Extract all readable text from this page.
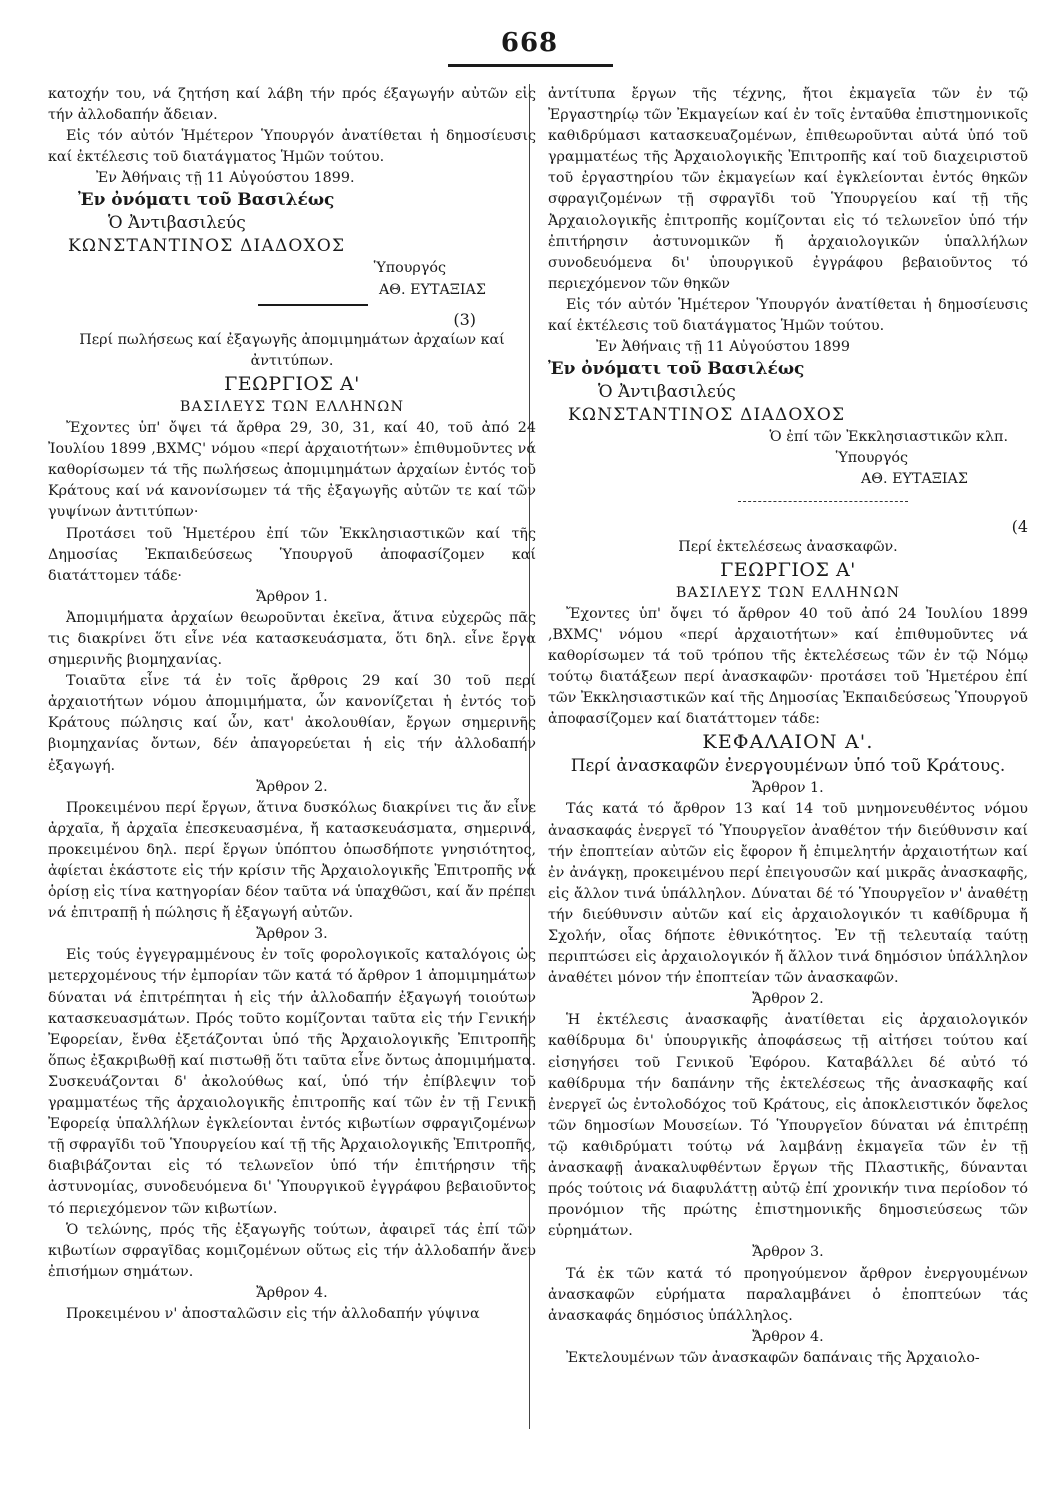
668

κατοχήν του, νά ζητήση καί λάβη τήν πρός έξαγωγήν αὐτῶν εἰς τήν ἀλλοδαπήν ἄδειαν.

Εἰς τόν αὐτόν Ἡμέτερον Ὑπουργόν ἀνατίθεται ἡ δημοσίευσις καί ἐκτέλεσις τοῦ διατάγματος Ἡμῶν τούτου.

Ἐν Ἀθήναις τῇ 11 Αὐγούστου 1899.

Ἐν ὀνόματι τοῦ Βασιλέως

Ὁ Ἀντιβασιλεύς

ΚΩΝΣΤΑΝΤΙΝΟΣ ΔΙΑΔΟΧΟΣ

Ὑπουργός

ΑΘ. ΕΥΤΑΞΙΑΣ

(3)

Περί πωλήσεως καί ἐξαγωγῆς ἀπομιμημάτων ἀρχαίων καί ἀντιτύπων.

ΓΕΩΡΓΙΟΣ Α'

ΒΑΣΙΛΕΥΣ ΤΩΝ ΕΛΛΗΝΩΝ

Ἔχοντες ὑπ' ὄψει τά ἄρθρα 29, 30, 31, καί 40, τοῦ ἀπό 24 Ἰουλίου 1899 ,ΒΧΜϚ' νόμου «περί ἀρχαιοτήτων» ἐπιθυμοῦντες νά καθορίσωμεν τά τῆς πωλήσεως ἀπομιμημάτων ἀρχαίων ἐντός τοῦ Κράτους καί νά κανονίσωμεν τά τῆς ἐξαγωγῆς αὐτῶν τε καί τῶν γυψίνων ἀντιτύπων·

Προτάσει τοῦ Ἡμετέρου ἐπί τῶν Ἐκκλησιαστικῶν καί τῆς Δημοσίας Ἐκπαιδεύσεως Ὑπουργοῦ ἀποφασίζομεν καί διατάττομεν τάδε·

Ἄρθρον 1.

Ἀπομιμήματα ἀρχαίων θεωροῦνται ἐκεῖνα, ἅτινα εὐχερῶς πᾶς τις διακρίνει ὅτι εἶνε νέα κατασκευάσματα, ὅτι δηλ. εἶνε ἔργα σημερινῆς βιομηχανίας.

Τοιαῦτα εἶνε τά ἐν τοῖς ἄρθροις 29 καί 30 τοῦ περί ἀρχαιοτήτων νόμου ἀπομιμήματα, ὧν κανονίζεται ἡ ἐντός τοῦ Κράτους πώλησις καί ὧν, κατ' ἀκολουθίαν, ἔργων σημερινῆς βιομηχανίας ὄντων, δέν ἀπαγορεύεται ἡ εἰς τήν ἀλλοδαπήν ἐξαγωγή.

Ἄρθρον 2.

Προκειμένου περί ἔργων, ἅτινα δυσκόλως διακρίνει τις ἄν εἶνε ἀρχαῖα, ἤ ἀρχαῖα ἐπεσκευασμένα, ἤ κατασκευάσματα, σημερινά, προκειμένου δηλ. περί ἔργων ὑπόπτου ὁπωσδήποτε γνησιότητος, ἀφίεται ἑκάστοτε εἰς τήν κρίσιν τῆς Ἀρχαιολογικῆς Ἐπιτροπῆς νά ὁρίσῃ εἰς τίνα κατηγορίαν δέον ταῦτα νά ὑπαχθῶσι, καί ἄν πρέπει νά ἐπιτραπῇ ἡ πώλησις ἤ ἐξαγωγή αὐτῶν.

Ἄρθρον 3.

Εἰς τούς ἐγγεγραμμένους ἐν τοῖς φορολογικοῖς καταλόγοις ὡς μετερχομένους τήν ἐμπορίαν τῶν κατά τό ἄρθρον 1 ἀπομιμημάτων δύναται νά ἐπιτρέπηται ἡ εἰς τήν ἀλλοδαπήν ἐξαγωγή τοιούτων κατασκευασμάτων. Πρός τοῦτο κομίζονται ταῦτα εἰς τήν Γενικήν Ἐφορείαν, ἔνθα ἐξετάζονται ὑπό τῆς Ἀρχαιολογικῆς Ἐπιτροπῆς ὅπως ἐξακριβωθῇ καί πιστωθῇ ὅτι ταῦτα εἶνε ὄντως ἀπομιμήματα. Συσκευάζονται δ' ἀκολούθως καί, ὑπό τήν ἐπίβλεψιν τοῦ γραμματέως τῆς ἀρχαιολογικῆς ἐπιτροπῆς καί τῶν ἐν τῇ Γενικῇ Ἐφορείᾳ ὑπαλλήλων ἐγκλείονται ἐντός κιβωτίων σφραγιζομένων τῇ σφραγῖδι τοῦ Ὑπουργείου καί τῇ τῆς Ἀρχαιολογικῆς Ἐπιτροπῆς, διαβιβάζονται εἰς τό τελωνεῖον ὑπό τήν ἐπιτήρησιν τῆς ἀστυνομίας, συνοδευόμενα δι' Ὑπουργικοῦ ἐγγράφου βεβαιοῦντος τό περιεχόμενον τῶν κιβωτίων.

Ὁ τελώνης, πρός τῆς ἐξαγωγῆς τούτων, ἀφαιρεῖ τάς ἐπί τῶν κιβωτίων σφραγῖδας κομιζομένων οὕτως εἰς τήν ἀλλοδαπήν ἄνευ ἐπισήμων σημάτων.

Ἄρθρον 4.

Προκειμένου ν' ἀποσταλῶσιν εἰς τήν ἀλλοδαπήν γύψινα

ἀντίτυπα ἔργων τῆς τέχνης, ἤτοι ἐκμαγεῖα τῶν ἐν τῷ Ἐργαστηρίῳ τῶν Ἐκμαγείων καί ἐν τοῖς ἐνταῦθα ἐπιστημονικοῖς καθιδρύμασι κατασκευαζομένων, ἐπιθεωροῦνται αὐτά ὑπό τοῦ γραμματέως τῆς Ἀρχαιολογικῆς Ἐπιτροπῆς καί τοῦ διαχειριστοῦ τοῦ ἐργαστηρίου τῶν ἐκμαγείων καί ἐγκλείονται ἐντός θηκῶν σφραγιζομένων τῇ σφραγῖδι τοῦ Ὑπουργείου καί τῇ τῆς Ἀρχαιολογικῆς ἐπιτροπῆς κομίζονται εἰς τό τελωνεῖον ὑπό τήν ἐπιτήρησιν ἀστυνομικῶν ἤ ἀρχαιολογικῶν ὑπαλλήλων συνοδευόμενα δι' ὑπουργικοῦ ἐγγράφου βεβαιοῦντος τό περιεχόμενον τῶν θηκῶν

Εἰς τόν αὐτόν Ἡμέτερον Ὑπουργόν ἀνατίθεται ἡ δημοσίευσις καί ἐκτέλεσις τοῦ διατάγματος Ἡμῶν τούτου.

Ἐν Ἀθήναις τῇ 11 Αὐγούστου 1899

Ἐν ὀνόματι τοῦ Βασιλέως

Ὁ Ἀντιβασιλεύς

ΚΩΝΣΤΑΝΤΙΝΟΣ ΔΙΑΔΟΧΟΣ

Ὁ ἐπί τῶν Ἐκκλησιαστικῶν κλπ.

Ὑπουργός

ΑΘ. ΕΥΤΑΞΙΑΣ

(4

Περί ἐκτελέσεως ἀνασκαφῶν.

ΓΕΩΡΓΙΟΣ Α'

ΒΑΣΙΛΕΥΣ ΤΩΝ ΕΛΛΗΝΩΝ

Ἔχοντες ὑπ' ὄψει τό ἄρθρον 40 τοῦ ἀπό 24 Ἰουλίου 1899 ,ΒΧΜϚ' νόμου «περί ἀρχαιοτήτων» καί ἐπιθυμοῦντες νά καθορίσωμεν τά τοῦ τρόπου τῆς ἐκτελέσεως τῶν ἐν τῷ Νόμῳ τούτῳ διατάξεων περί ἀνασκαφῶν· προτάσει τοῦ Ἡμετέρου ἐπί τῶν Ἐκκλησιαστικῶν καί τῆς Δημοσίας Ἐκπαιδεύσεως Ὑπουργοῦ ἀποφασίζομεν καί διατάττομεν τάδε:

ΚΕΦΑΛΑΙΟΝ Α'.

Περί ἀνασκαφῶν ἐνεργουμένων ὑπό τοῦ Κράτους.

Ἄρθρον 1.

Τάς κατά τό ἄρθρον 13 καί 14 τοῦ μνημονευθέντος νόμου ἀνασκαφάς ἐνεργεῖ τό Ὑπουργεῖον ἀναθέτον τήν διεύθυνσιν καί τήν ἐποπτείαν αὐτῶν εἰς ἔφορον ἤ ἐπιμελητήν ἀρχαιοτήτων καί ἐν ἀνάγκῃ, προκειμένου περί ἐπειγουσῶν καί μικρᾶς ἀνασκαφῆς, εἰς ἄλλον τινά ὑπάλληλον. Δύναται δέ τό Ὑπουργεῖον ν' ἀναθέτῃ τήν διεύθυνσιν αὐτῶν καί εἰς ἀρχαιολογικόν τι καθίδρυμα ἤ Σχολήν, οἷας δήποτε ἐθνικότητος. Ἐν τῇ τελευταίᾳ ταύτῃ περιπτώσει εἰς ἀρχαιολογικόν ἤ ἄλλον τινά δημόσιον ὑπάλληλον ἀναθέτει μόνον τήν ἐποπτείαν τῶν ἀνασκαφῶν.

Ἄρθρον 2.

Ἡ ἐκτέλεσις ἀνασκαφῆς ἀνατίθεται εἰς ἀρχαιολογικόν καθίδρυμα δι' ὑπουργικῆς ἀποφάσεως τῇ αἰτήσει τούτου καί εἰσηγήσει τοῦ Γενικοῦ Ἐφόρου. Καταβάλλει δέ αὐτό τό καθίδρυμα τήν δαπάνην τῆς ἐκτελέσεως τῆς ἀνασκαφῆς καί ἐνεργεῖ ὡς ἐντολοδόχος τοῦ Κράτους, εἰς ἀποκλειστικόν ὄφελος τῶν δημοσίων Μουσείων. Τό Ὑπουργεῖον δύναται νά ἐπιτρέπῃ τῷ καθιδρύματι τούτῳ νά λαμβάνῃ ἐκμαγεῖα τῶν ἐν τῇ ἀνασκαφῇ ἀνακαλυφθέντων ἔργων τῆς Πλαστικῆς, δύνανται πρός τούτοις νά διαφυλάττῃ αὐτῷ ἐπί χρονικήν τινα περίοδον τό προνόμιον τῆς πρώτης ἐπιστημονικῆς δημοσιεύσεως τῶν εὑρημάτων.

Ἄρθρον 3.

Τά ἐκ τῶν κατά τό προηγούμενον ἄρθρον ἐνεργουμένων ἀνασκαφῶν εὑρήματα παραλαμβάνει ὁ ἐποπτεύων τάς ἀνασκαφάς δημόσιος ὑπάλληλος.

Ἄρθρον 4.

Ἐκτελουμένων τῶν ἀνασκαφῶν δαπάναις τῆς Ἀρχαιολο-
